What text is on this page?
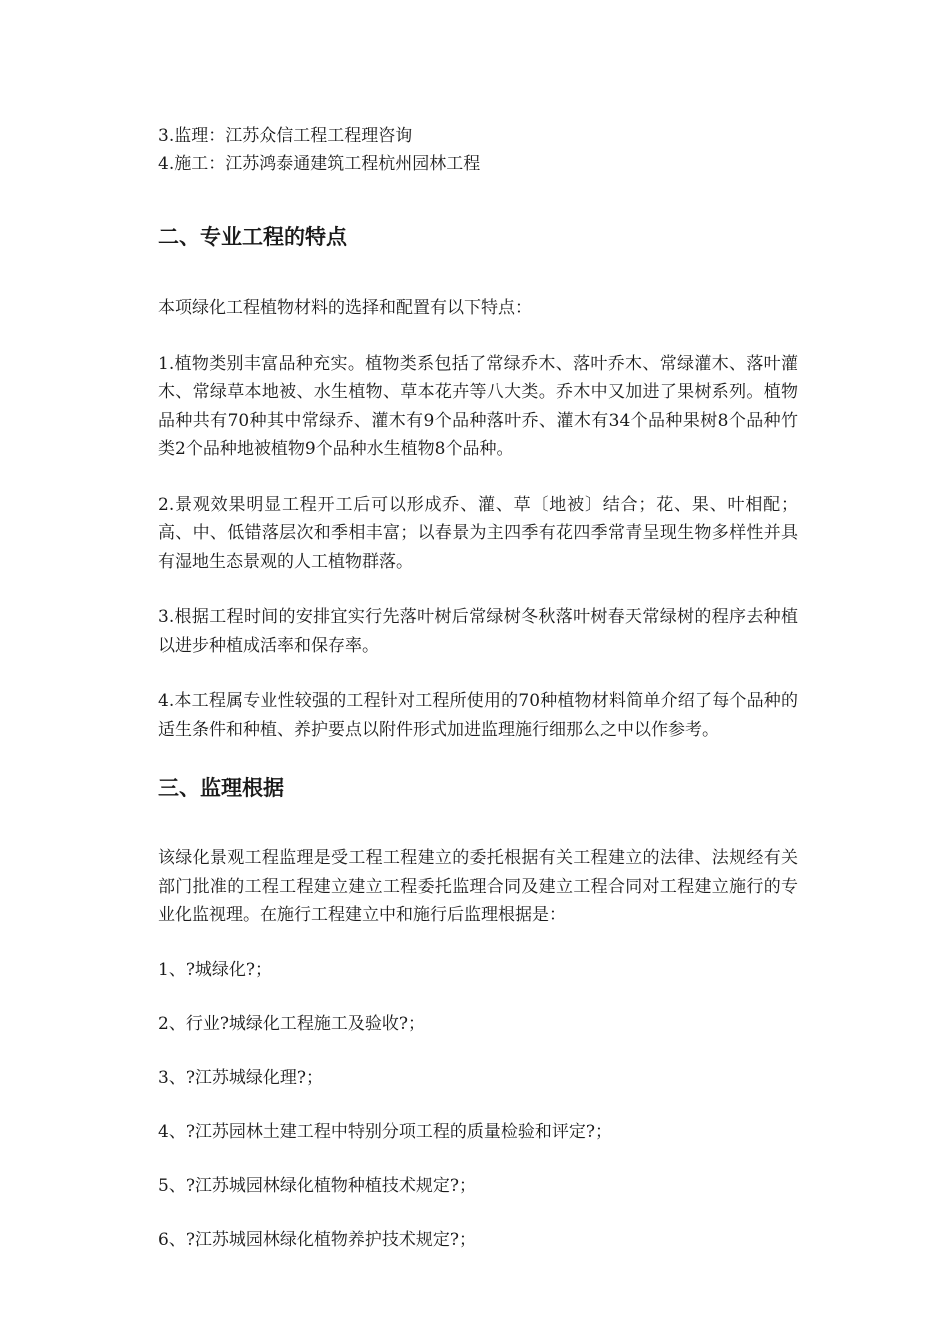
3.监理：江苏众信工程工程理咨询
4.施工：江苏鸿泰通建筑工程杭州园林工程
二、专业工程的特点

本项绿化工程植物材料的选择和配置有以下特点：

1.植物类别丰富品种充实。植物类系包括了常绿乔木、落叶乔木、常绿灌木、落叶灌木、常绿草本地被、水生植物、草本花卉等八大类。乔木中又加进了果树系列。植物品种共有70种其中常绿乔、灌木有9个品种落叶乔、灌木有34个品种果树8个品种竹类2个品种地被植物9个品种水生植物8个品种。

2.景观效果明显工程开工后可以形成乔、灌、草〔地被〕结合；花、果、叶相配；高、中、低错落层次和季相丰富；以春景为主四季有花四季常青呈现生物多样性并具有湿地生态景观的人工植物群落。

3.根据工程时间的安排宜实行先落叶树后常绿树冬秋落叶树春天常绿树的程序去种植以进步种植成活率和保存率。

4.本工程属专业性较强的工程针对工程所使用的70种植物材料简单介绍了每个品种的适生条件和种植、养护要点以附件形式加进监理施行细那么之中以作参考。

三、监理根据

该绿化景观工程监理是受工程工程建立的委托根据有关工程建立的法律、法规经有关部门批准的工程工程建立建立工程委托监理合同及建立工程合同对工程建立施行的专业化监视理。在施行工程建立中和施行后监理根据是：

1、?城绿化?；
2、行业?城绿化工程施工及验收?；
3、?江苏城绿化理?；
4、?江苏园林土建工程中特别分项工程的质量检验和评定?；
5、?江苏城园林绿化植物种植技术规定?；
6、?江苏城园林绿化植物养护技术规定?；
